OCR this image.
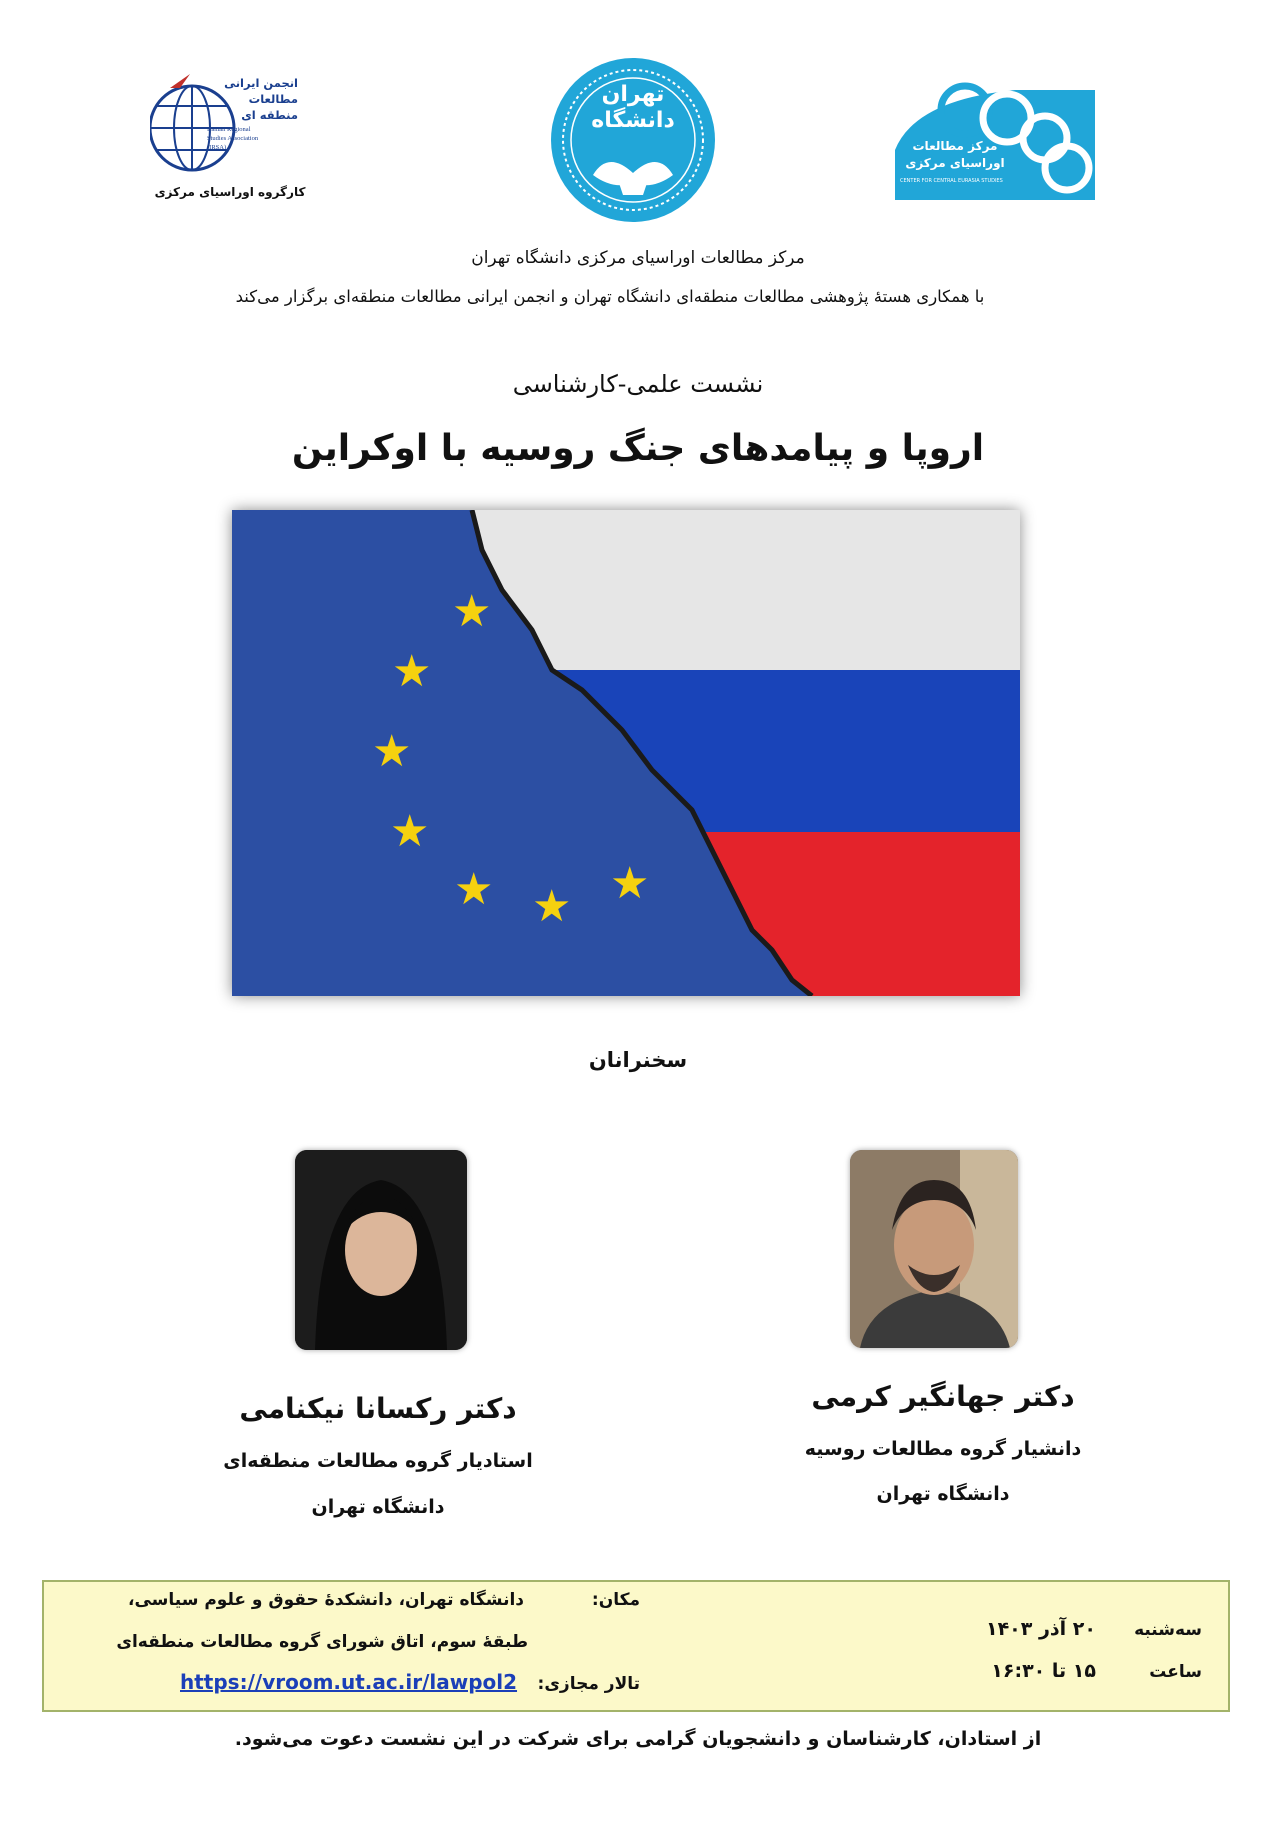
انجمن ایرانی
مطالعات
منطقه ای
Iranian Regional
Studies Association
(IRSA)
کارگروه اوراسیای مرکزی
تهران
دانشگاه
مرکز مطالعات
اوراسیای مرکزی
CENTER FOR CENTRAL EURASIA STUDIES
مرکز مطالعات اوراسیای مرکزی دانشگاه تهران
با همکاری هستۀ پژوهشی مطالعات منطقه‌ای دانشگاه تهران و انجمن ایرانی مطالعات منطقه‌ای برگزار می‌کند
نشست علمی-کارشناسی
اروپا و پیامدهای جنگ روسیه با اوکراین
★
★
★
★
★ ★ ★
سخنرانان
دکتر جهانگیر کرمی
دانشیار گروه مطالعات روسیه
دانشگاه تهران
دکتر رکسانا نیکنامی
استادیار گروه مطالعات منطقه‌ای
دانشگاه تهران
سه‌شنبه
۲۰ آذر ۱۴۰۳
ساعت
۱۵ تا ۱۶:۳۰
مکان:
دانشگاه تهران، دانشکدۀ حقوق و علوم سیاسی،
طبقۀ سوم، اتاق شورای گروه مطالعات منطقه‌ای
تالار مجازی:
https://vroom.ut.ac.ir/lawpol2
از استادان، کارشناسان و دانشجویان گرامی برای شرکت در این نشست دعوت می‌شود.
